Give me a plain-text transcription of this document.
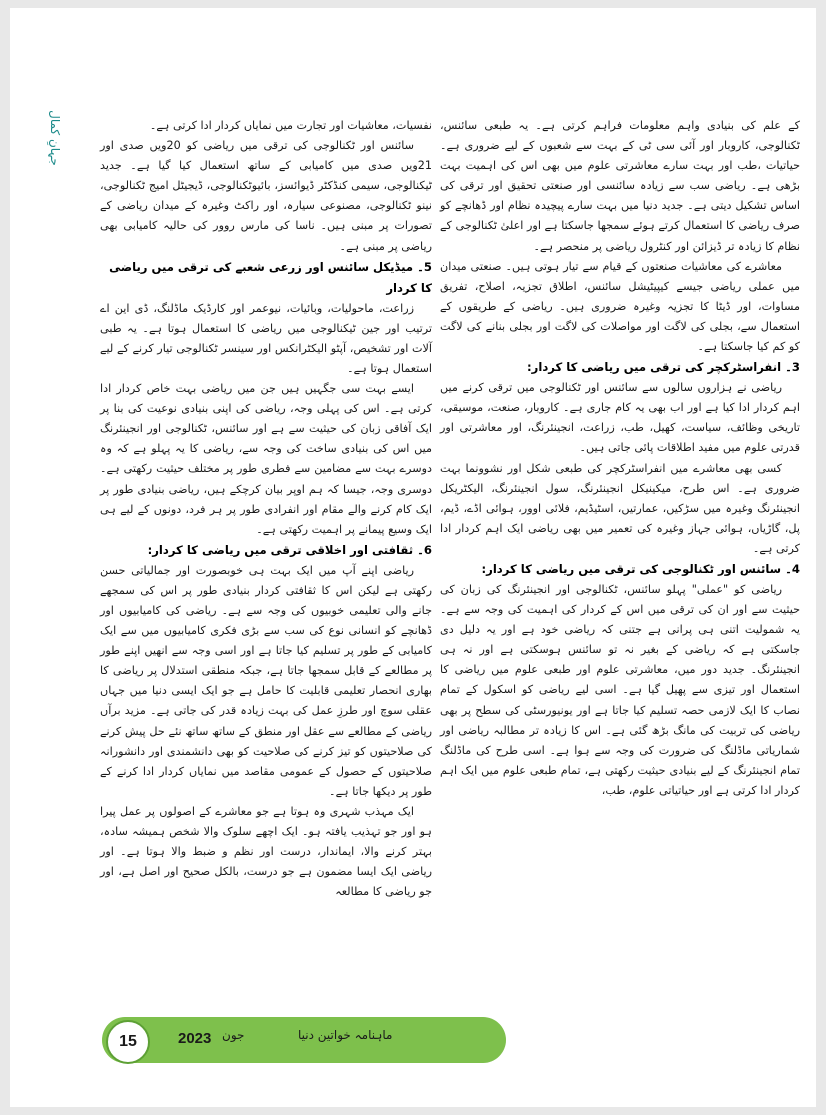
جہانِ کمال	کے علم کی بنیادی واہم معلومات فراہم کرتی ہے۔ یہ طبعی سائنس، ٹکنالوجی، کاروبار اور آئی سی ٹی کے بہت سے شعبوں کے لیے ضروری ہے۔ حیاتیات ،طب اور بہت سارے معاشرتی علوم میں بھی اس کی اہمیت بہت بڑھی ہے۔ ریاضی سب سے زیادہ سائنسی اور صنعتی تحقیق اور ترقی کی اساس تشکیل دیتی ہے۔ جدید دنیا میں بہت سارے پیچیدہ نظام اور ڈھانچے کو صرف ریاضی کا استعمال کرتے ہوئے سمجھا جاسکتا ہے اور اعلیٰ ٹکنالوجی کے نظام کا زیادہ تر ڈیزائن اور کنٹرول ریاضی پر منحصر ہے۔

معاشرے کی معاشیات صنعتوں کے قیام سے تیار ہوتی ہیں۔ صنعتی میدان میں عملی ریاضی جیسے کیپیٹیشل سائنس، اطلاق تجزیہ، اصلاح، تفریق مساوات، اور ڈیٹا کا تجزیہ وغیرہ ضروری ہیں۔ ریاضی کے طریقوں کے استعمال سے، بجلی کی لاگت اور مواصلات کی لاگت اور بجلی بنانے کی لاگت کو کم کیا جاسکتا ہے۔

3۔ انفراسٹرکچر کی ترقی میں ریاضی کا کردار:

ریاضی نے ہزاروں سالوں سے سائنس اور ٹکنالوجی میں ترقی کرنے میں اہم کردار ادا کیا ہے اور اب بھی یہ کام جاری ہے۔ کاروبار، صنعت، موسیقی، تاریخی وظائف، سیاست، کھیل، طب، زراعت، انجینئرنگ، اور معاشرتی اور قدرتی علوم میں مفید اطلاقات پائی جاتی ہیں۔

کسی بھی معاشرے میں انفراسٹرکچر کی طبعی شکل اور نشوونما بہت ضروری ہے۔ اس طرح، میکینیکل انجینئرنگ، سول انجینئرنگ، الیکٹریکل انجینئرنگ وغیرہ میں سڑکیں، عمارتیں، اسٹیڈیم، فلائی اوور، ہوائی اڈے، ڈیم، پل، گاڑیاں، ہوائی جہاز وغیرہ کی تعمیر میں بھی ریاضی ایک اہم کردار ادا کرتی ہے۔

4۔ سائنس اور ٹکنالوجی کی ترقی میں ریاضی کا کردار:

ریاضی کو "عملی" پہلو سائنس، ٹکنالوجی اور انجینئرنگ کی زبان کی حیثیت سے اور ان کی ترقی میں اس کے کردار کی اہمیت کی وجہ سے ہے۔ یہ شمولیت اتنی ہی پرانی ہے جتنی کہ ریاضی خود ہے اور یہ دلیل دی جاسکتی ہے کہ ریاضی کے بغیر نہ تو سائنس ہوسکتی ہے اور نہ ہی انجینئرنگ۔ جدید دور میں، معاشرتی علوم اور طبعی علوم میں ریاضی کا استعمال اور تیزی سے پھیل گیا ہے۔ اسی لیے ریاضی کو اسکول کے تمام نصاب کا ایک لازمی حصہ تسلیم کیا جاتا ہے اور یونیورسٹی کی سطح پر بھی ریاضی کی تربیت کی مانگ بڑھ گئی ہے۔ اس کا زیادہ تر مطالبہ ریاضی اور شماریاتی ماڈلنگ کی ضرورت کی وجہ سے ہوا ہے۔ اسی طرح کی ماڈلنگ تمام انجینئرنگ کے لیے بنیادی حیثیت رکھتی ہے، تمام طبعی علوم میں ایک اہم کردار ادا کرتی ہے اور حیاتیاتی علوم، طب،

نفسیات، معاشیات اور تجارت میں نمایاں کردار ادا کرتی ہے۔

سائنس اور ٹکنالوجی کی ترقی میں ریاضی کو 20ویں صدی اور 21ویں صدی میں کامیابی کے ساتھ استعمال کیا گیا ہے۔ جدید ٹیکنالوجی، سیمی کنڈکٹر ڈیوائسز، بائیوٹکنالوجی، ڈیجیٹل امیج ٹکنالوجی، نینو ٹکنالوجی، مصنوعی سیارہ، اور راکٹ وغیرہ کے میدان ریاضی کے تصورات پر مبنی ہیں۔ ناسا کی مارس روور کی حالیہ کامیابی بھی ریاضی پر مبنی ہے۔

5۔ میڈیکل سائنس اور زرعی شعبے کی ترقی میں ریاضی کا کردار

زراعت، ماحولیات، وبائیات، نیوعمر اور کارڈیک ماڈلنگ، ڈی این اے ترتیب اور جین ٹیکنالوجی میں ریاضی کا استعمال ہوتا ہے۔ یہ طبی آلات اور تشخیص، آپٹو الیکٹرانکس اور سینسر ٹکنالوجی تیار کرنے کے لیے استعمال ہوتا ہے۔

ایسے بہت سی جگہیں ہیں جن میں ریاضی بہت خاص کردار ادا کرتی ہے۔ اس کی پہلی وجہ، ریاضی کی اپنی بنیادی نوعیت کی بنا پر ایک آفاقی زبان کی حیثیت سے ہے اور سائنس، ٹکنالوجی اور انجینئرنگ میں اس کی بنیادی ساخت کی وجہ سے، ریاضی کا یہ پہلو ہے کہ وہ دوسرے بہت سے مضامین سے فطری طور پر مختلف حیثیت رکھتی ہے۔ دوسری وجہ، جیسا کہ ہم اوپر بیان کرچکے ہیں، ریاضی بنیادی طور پر ایک کام کرنے والے مقام اور انفرادی طور پر ہر فرد، دونوں کے لیے ہی ایک وسیع پیمانے پر اہمیت رکھتی ہے۔

6۔ ثقافتی اور اخلاقی ترقی میں ریاضی کا کردار:

ریاضی اپنے آپ میں ایک بہت ہی خوبصورت اور جمالیاتی حسن رکھتی ہے لیکن اس کا ثقافتی کردار بنیادی طور پر اس کی سمجھے جانے والی تعلیمی خوبیوں کی وجہ سے ہے۔ ریاضی کی کامیابیوں اور ڈھانچے کو انسانی نوع کی سب سے بڑی فکری کامیابیوں میں سے ایک کامیابی کے طور پر تسلیم کیا جاتا ہے اور اسی وجہ سے انھیں اپنے طور پر مطالعے کے قابل سمجھا جاتا ہے، جبکہ منطقی استدلال پر ریاضی کا بھاری انحصار تعلیمی قابلیت کا حامل ہے جو ایک ایسی دنیا میں جہاں عقلی سوچ اور طرزِ عمل کی بہت زیادہ قدر کی جاتی ہے۔ مزید برآں ریاضی کے مطالعے سے عقل اور منطق کے ساتھ ساتھ نئے حل پیش کرنے کی صلاحیتوں کو تیز کرنے کی صلاحیت کو بھی دانشمندی اور دانشورانہ صلاحیتوں کے حصول کے عمومی مقاصد میں نمایاں کردار ادا کرنے کے طور پر دیکھا جاتا ہے۔

ایک مہذب شہری وہ ہوتا ہے جو معاشرے کے اصولوں پر عمل پیرا ہو اور جو تہذیب یافتہ ہو۔ ایک اچھے سلوک والا شخص ہمیشہ سادہ، بہتر کرنے والا، ایماندار، درست اور نظم و ضبط والا ہوتا ہے۔ اور ریاضی ایک ایسا مضمون ہے جو درست، بالکل صحیح اور اصل ہے، اور جو ریاضی کا مطالعہ

15	2023 جون	ماہنامہ خواتین دنیا
